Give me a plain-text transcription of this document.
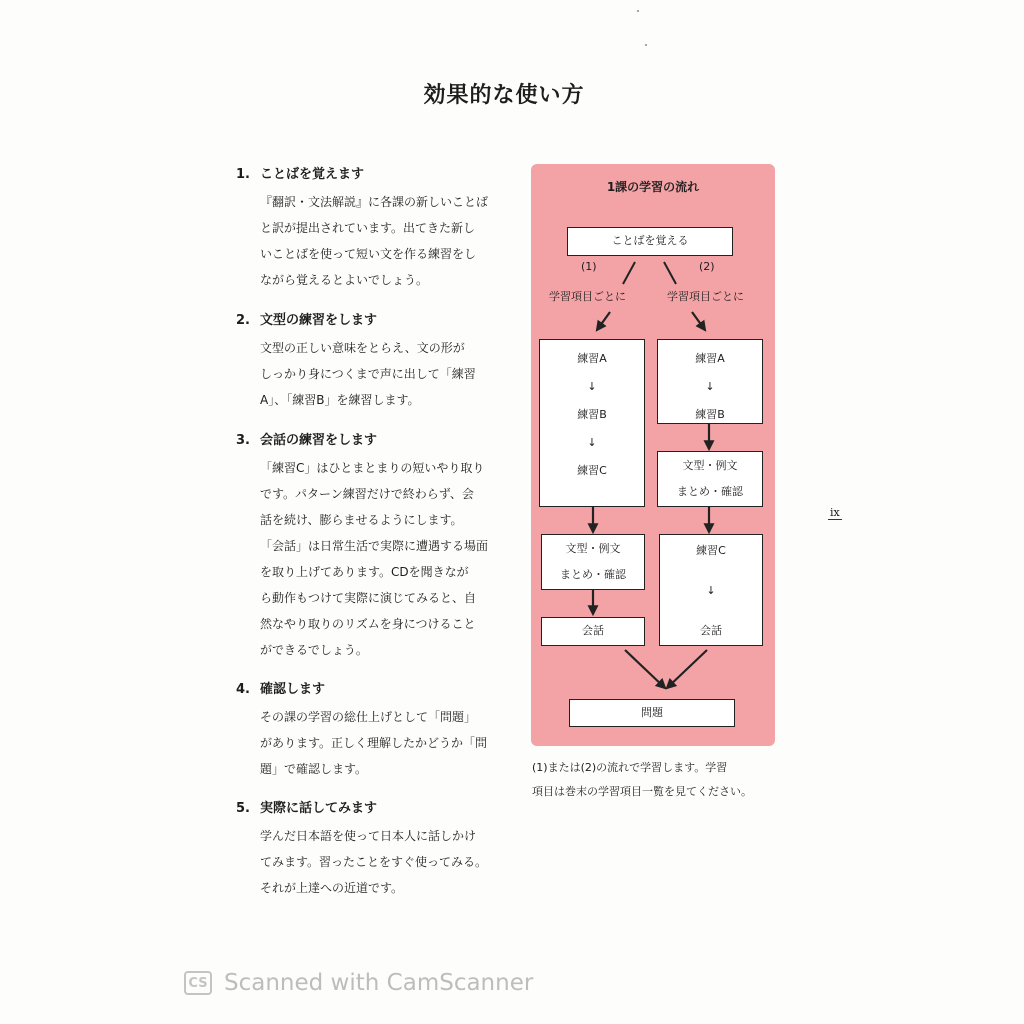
効果的な使い方
1. ことばを覚えます
『翻訳・文法解説』に各課の新しいことば
と訳が提出されています。出てきた新し
いことばを使って短い文を作る練習をし
ながら覚えるとよいでしょう。
2. 文型の練習をします
文型の正しい意味をとらえ、文の形が
しっかり身につくまで声に出して「練習
A」、「練習B」を練習します。
3. 会話の練習をします
「練習C」はひとまとまりの短いやり取り
です。パターン練習だけで終わらず、会
話を続け、膨らませるようにします。
「会話」は日常生活で実際に遭遇する場面
を取り上げてあります。CDを聞きなが
ら動作もつけて実際に演じてみると、自
然なやり取りのリズムを身につけること
ができるでしょう。
4. 確認します
その課の学習の総仕上げとして「問題」
があります。正しく理解したかどうか「問
題」で確認します。
5. 実際に話してみます
学んだ日本語を使って日本人に話しかけ
てみます。習ったことをすぐ使ってみる。
それが上達への近道です。
1課の学習の流れ
ことばを覚える
(1)	(2)
学習項目ごとに	学習項目ごとに
練習A
↓
練習B
↓
練習C
練習A
↓
練習B
文型・例文
まとめ・確認
文型・例文
まとめ・確認
練習C
↓
会話
会話
問題
(1)または(2)の流れで学習します。学習
項目は巻末の学習項目一覧を見てください。
ix
CS Scanned with CamScanner
